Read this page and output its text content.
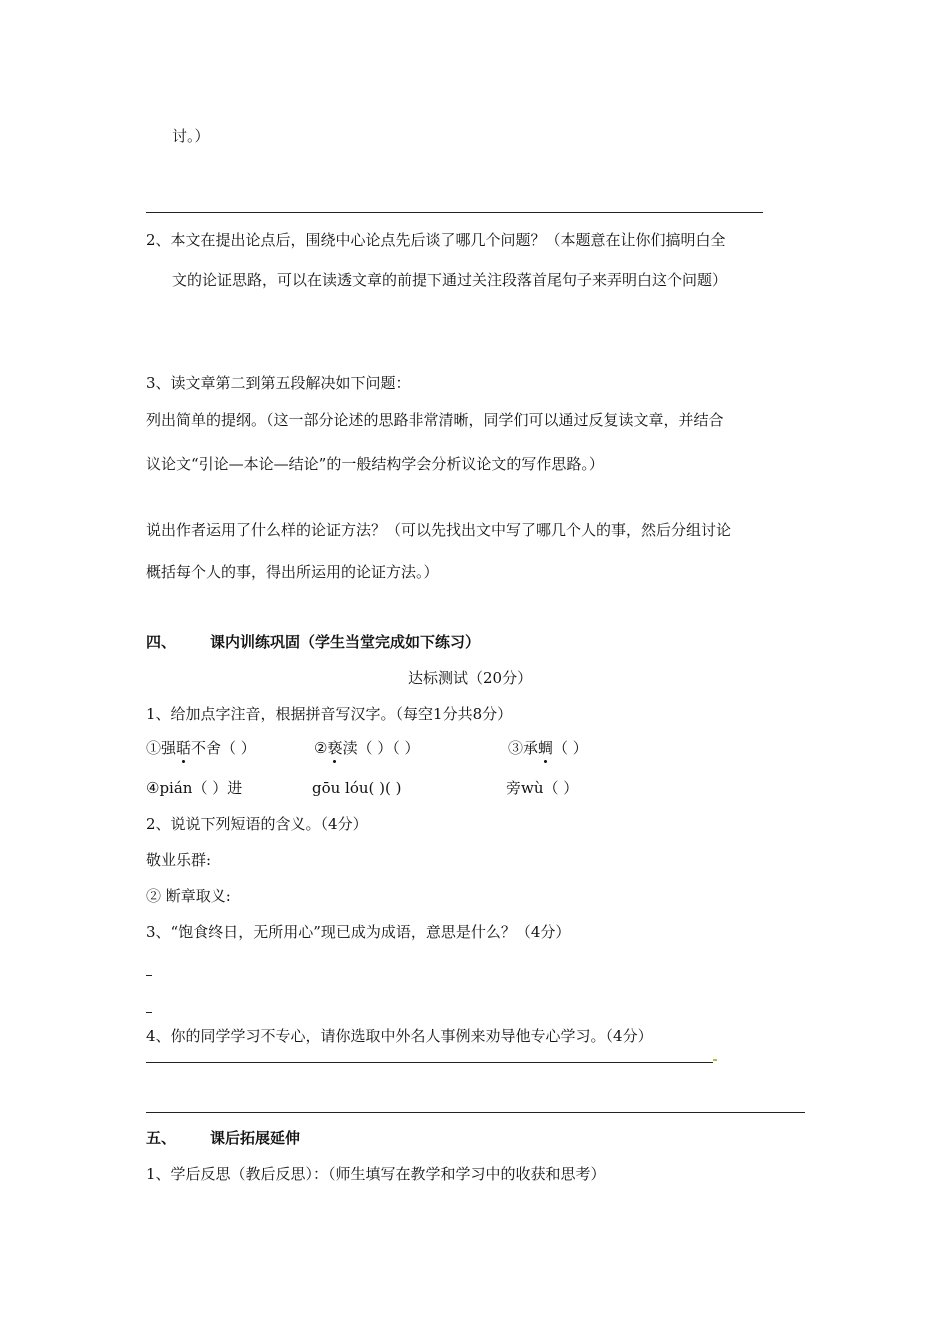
讨。）
2、本文在提出论点后，围绕中心论点先后谈了哪几个问题？（本题意在让你们搞明白全
文的论证思路，可以在读透文章的前提下通过关注段落首尾句子来弄明白这个问题）
3、读文章第二到第五段解决如下问题：
列出简单的提纲。（这一部分论述的思路非常清晰，同学们可以通过反复读文章，并结合
议论文“引论—本论—结论”的一般结构学会分析议论文的写作思路。）
说出作者运用了什么样的论证方法？（可以先找出文中写了哪几个人的事，然后分组讨论
概括每个人的事，得出所运用的论证方法。）
四、 课内训练巩固（学生当堂完成如下练习）
达标测试（20分）
1、给加点字注音，根据拼音写汉字。（每空1分共8分）
①强聒不舍（ ）	②亵渎（ ）（ ）	③承蜩（ ）
④pián（ ）进	gōu lóu( )( )	旁wù（ ）
2、说说下列短语的含义。（4分）
敬业乐群:
② 断章取义:
3、“饱食终日，无所用心”现已成为成语，意思是什么？（4分）
4、你的同学学习不专心，请你选取中外名人事例来劝导他专心学习。（4分）
五、 课后拓展延伸
1、学后反思（教后反思）：（师生填写在教学和学习中的收获和思考）
